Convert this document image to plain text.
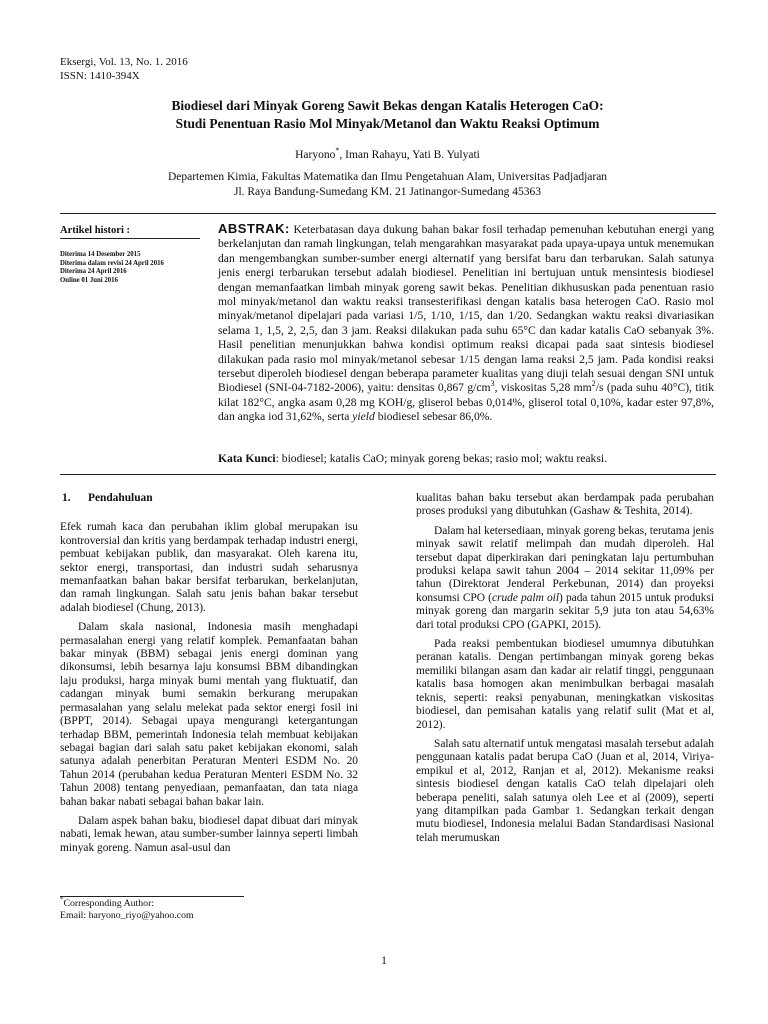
Eksergi, Vol. 13, No. 1. 2016
ISSN: 1410-394X
Biodiesel dari Minyak Goreng Sawit Bekas dengan Katalis Heterogen CaO:
Studi Penentuan Rasio Mol Minyak/Metanol dan Waktu Reaksi Optimum
Haryono*, Iman Rahayu, Yati B. Yulyati
Departemen Kimia, Fakultas Matematika dan Ilmu Pengetahuan Alam, Universitas Padjadjaran
Jl. Raya Bandung-Sumedang KM. 21 Jatinangor-Sumedang 45363
Artikel histori :
Diterima 14 Desember 2015
Diterima dalam revisi 24 April 2016
Diterima 24 April 2016
Online 01 Juni 2016
ABSTRAK: Keterbatasan daya dukung bahan bakar fosil terhadap pemenuhan kebutuhan energi yang berkelanjutan dan ramah lingkungan, telah mengarahkan masyarakat pada upaya-upaya untuk menemukan dan mengembangkan sumber-sumber energi alternatif yang bersifat baru dan terbarukan. Salah satunya jenis energi terbarukan tersebut adalah biodiesel. Penelitian ini bertujuan untuk mensintesis biodiesel dengan memanfaatkan limbah minyak goreng sawit bekas. Penelitian dikhususkan pada penentuan rasio mol minyak/metanol dan waktu reaksi transesterifikasi dengan katalis basa heterogen CaO. Rasio mol minyak/metanol dipelajari pada variasi 1/5, 1/10, 1/15, dan 1/20. Sedangkan waktu reaksi divariasikan selama 1, 1,5, 2, 2,5, dan 3 jam. Reaksi dilakukan pada suhu 65°C dan kadar katalis CaO sebanyak 3%. Hasil penelitian menunjukkan bahwa kondisi optimum reaksi dicapai pada saat sintesis biodiesel dilakukan pada rasio mol minyak/metanol sebesar 1/15 dengan lama reaksi 2,5 jam. Pada kondisi reaksi tersebut diperoleh biodiesel dengan beberapa parameter kualitas yang diuji telah sesuai dengan SNI untuk Biodiesel (SNI-04-7182-2006), yaitu: densitas 0,867 $g/cm^3$, viskositas 5,28 $mm^2/s$ (pada suhu 40°C), titik kilat 182°C, angka asam 0,28 mg KOH/g, gliserol bebas 0,014%, gliserol total 0,10%, kadar ester 97,8%, dan angka iod 31,62%, serta yield biodiesel sebesar 86,0%.
Kata Kunci: biodiesel; katalis CaO; minyak goreng bekas; rasio mol; waktu reaksi.
1. Pendahuluan

Efek rumah kaca dan perubahan iklim global merupakan isu kontroversial dan kritis yang berdampak terhadap industri energi, pembuat kebijakan publik, dan masyarakat. Oleh karena itu, sektor energi, transportasi, dan industri sudah seharusnya memanfaatkan bahan bakar bersifat terbarukan, berkelanjutan, dan ramah lingkungan. Salah satu jenis bahan bakar tersebut adalah biodiesel (Chung, 2013).

Dalam skala nasional, Indonesia masih menghadapi permasalahan energi yang relatif komplek. Pemanfaatan bahan bakar minyak (BBM) sebagai jenis energi dominan yang dikonsumsi, lebih besarnya laju konsumsi BBM dibandingkan laju produksi, harga minyak bumi mentah yang fluktuatif, dan cadangan minyak bumi semakin berkurang merupakan permasalahan yang selalu melekat pada sektor energi fosil ini (BPPT, 2014). Sebagai upaya mengurangi ketergantungan terhadap BBM, pemerintah Indonesia telah membuat kebijakan sebagai bagian dari salah satu paket kebijakan ekonomi, salah satunya adalah penerbitan Peraturan Menteri ESDM No. 20 Tahun 2014 (perubahan kedua Peraturan Menteri ESDM No. 32 Tahun 2008) tentang penyediaan, pemanfaatan, dan tata niaga bahan bakar nabati sebagai bahan bakar lain.

Dalam aspek bahan baku, biodiesel dapat dibuat dari minyak nabati, lemak hewan, atau sumber-sumber lainnya seperti limbah minyak goreng. Namun asal-usul dan

kualitas bahan baku tersebut akan berdampak pada perubahan proses produksi yang dibutuhkan (Gashaw & Teshita, 2014).

Dalam hal ketersediaan, minyak goreng bekas, terutama jenis minyak sawit relatif melimpah dan mudah diperoleh. Hal tersebut dapat diperkirakan dari peningkatan laju pertumbuhan produksi kelapa sawit tahun 2004 – 2014 sekitar 11,09% per tahun (Direktorat Jenderal Perkebunan, 2014) dan proyeksi konsumsi CPO (crude palm oil) pada tahun 2015 untuk produksi minyak goreng dan margarin sekitar 5,9 juta ton atau 54,63% dari total produksi CPO (GAPKI, 2015).

Pada reaksi pembentukan biodiesel umumnya dibutuhkan peranan katalis. Dengan pertimbangan minyak goreng bekas memiliki bilangan asam dan kadar air relatif tinggi, penggunaan katalis basa homogen akan menimbulkan berbagai masalah teknis, seperti: reaksi penyabunan, meningkatkan viskositas biodiesel, dan pemisahan katalis yang relatif sulit (Mat et al, 2012).

Salah satu alternatif untuk mengatasi masalah tersebut adalah penggunaan katalis padat berupa CaO (Juan et al, 2014, Viriya-empikul et al, 2012, Ranjan et al, 2012). Mekanisme reaksi sintesis biodiesel dengan katalis CaO telah dipelajari oleh beberapa peneliti, salah satunya oleh Lee et al (2009), seperti yang ditampilkan pada Gambar 1. Sedangkan terkait dengan mutu biodiesel, Indonesia melalui Badan Standardisasi Nasional telah merumuskan

*Corresponding Author:
Email: haryono_riyo@yahoo.com
1
